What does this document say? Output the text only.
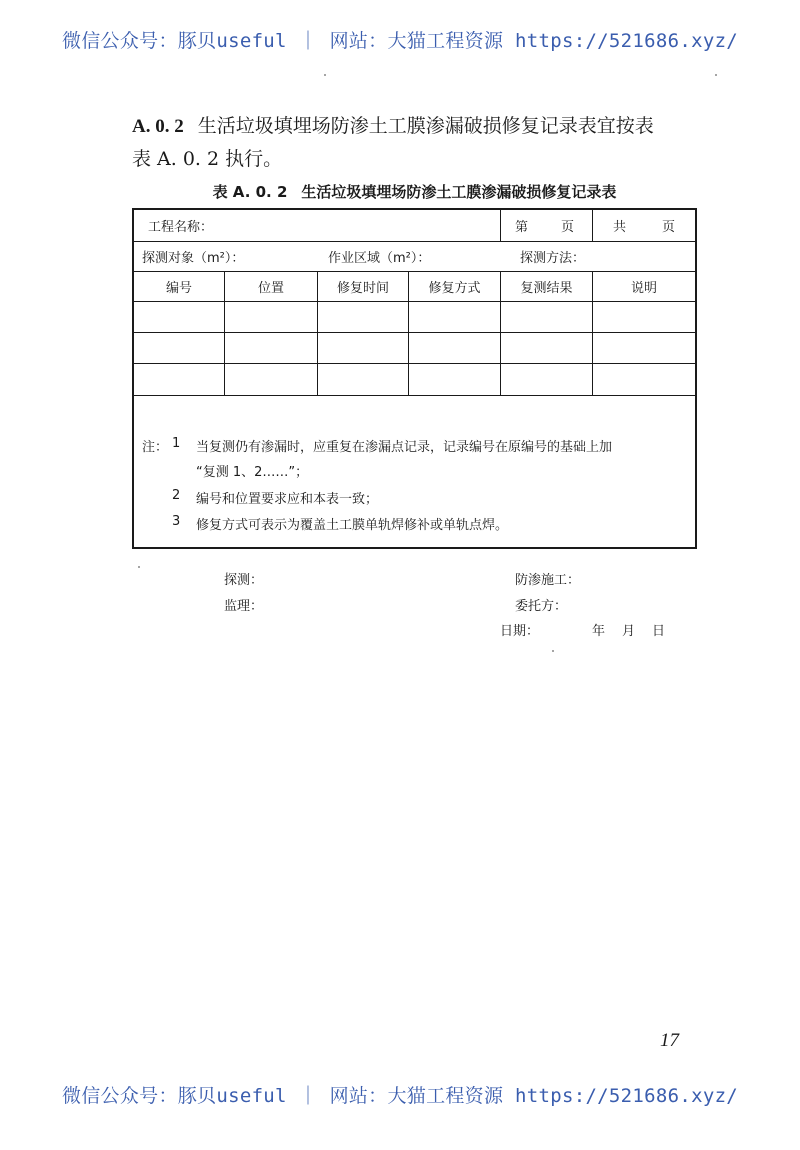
微信公众号：豚贝useful ｜ 网站：大猫工程资源 https://521686.xyz/
A. 0. 2 生活垃圾填埋场防渗土工膜渗漏破损修复记录表宜按表
表 A. 0. 2 执行。
表 A. 0. 2 生活垃圾填埋场防渗土工膜渗漏破损修复记录表
工程名称：	第	页	共	页
探测对象（m²）：	作业区域（m²）：	探测方法：
编号	位置	修复时间	修复方式	复测结果	说明
注： 1 当复测仍有渗漏时，应重复在渗漏点记录，记录编号在原编号的基础上加
“复测 1、2……”；
2 编号和位置要求应和本表一致；
3 修复方式可表示为覆盖土工膜单轨焊修补或单轨点焊。
探测：	防渗施工：
监理：	委托方：
日期：	年 月 日
17
微信公众号：豚贝useful ｜ 网站：大猫工程资源 https://521686.xyz/
